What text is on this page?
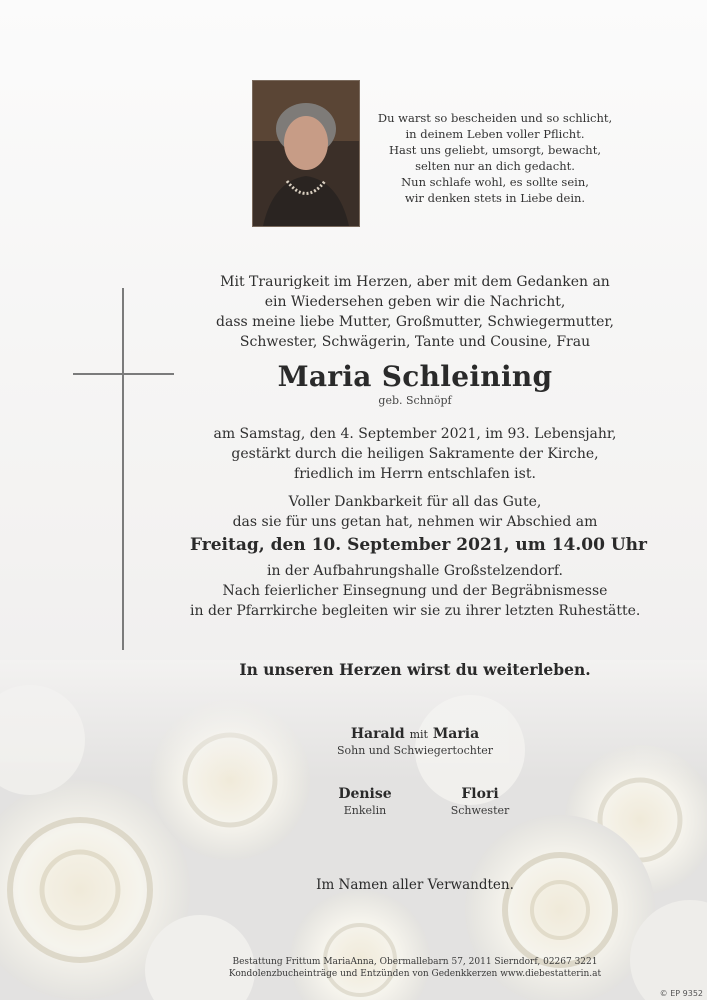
Du warst so bescheiden und so schlicht,
in deinem Leben voller Pflicht.
Hast uns geliebt, umsorgt, bewacht,
selten nur an dich gedacht.
Nun schlafe wohl, es sollte sein,
wir denken stets in Liebe dein.
Mit Traurigkeit im Herzen, aber mit dem Gedanken an
ein Wiedersehen geben wir die Nachricht,
dass meine liebe Mutter, Großmutter, Schwiegermutter,
Schwester, Schwägerin, Tante und Cousine, Frau
Maria Schleining
geb. Schnöpf
am Samstag, den 4. September 2021, im 93. Lebensjahr,
gestärkt durch die heiligen Sakramente der Kirche,
friedlich im Herrn entschlafen ist.
Voller Dankbarkeit für all das Gute,
das sie für uns getan hat, nehmen wir Abschied am
Freitag, den 10. September 2021, um 14.00 Uhr
in der Aufbahrungshalle Großstelzendorf.
Nach feierlicher Einsegnung und der Begräbnismesse
in der Pfarrkirche begleiten wir sie zu ihrer letzten Ruhestätte.
In unseren Herzen wirst du weiterleben.
Harald mit Maria
Sohn und Schwiegertochter
Denise
Enkelin
Flori
Schwester
Im Namen aller Verwandten.
Bestattung Frittum MariaAnna, Obermallebarn 57, 2011 Sierndorf, 02267 3221
Kondolenzbucheinträge und Entzünden von Gedenkkerzen www.diebestatterin.at
© EP 9352
